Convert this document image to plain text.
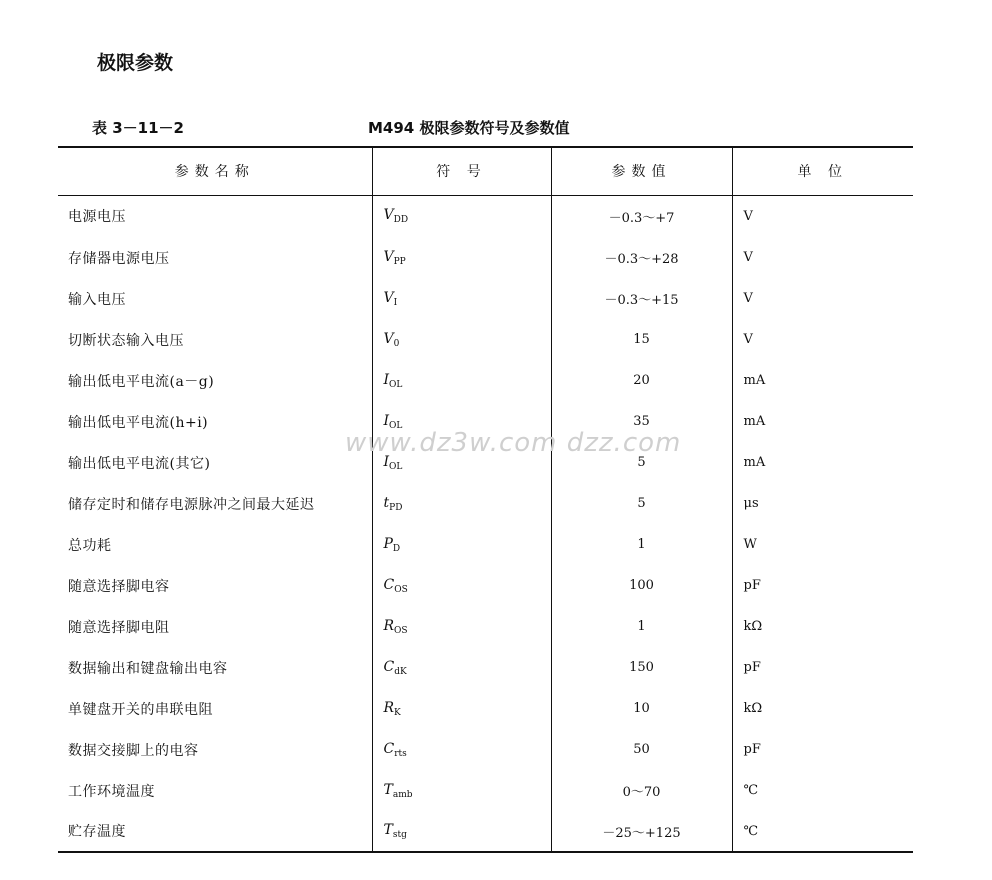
极限参数
表 3－11－2	M494 极限参数符号及参数值
参数名称	符 号	参数值	单 位
电源电压	$V_{DD}$	－0.3～+7	V
存储器电源电压	$V_{PP}$	－0.3～+28	V
输入电压	$V_I$	－0.3～+15	V
切断状态输入电压	$V_0$	15	V
输出低电平电流(a－g)	$I_{OL}$	20	mA
输出低电平电流(h+i)	$I_{OL}$	35	mA
输出低电平电流(其它)	$I_{OL}$	5	mA
储存定时和储存电源脉冲之间最大延迟	$t_{PD}$	5	μs
总功耗	$P_D$	1	W
随意选择脚电容	$C_{OS}$	100	pF
随意选择脚电阻	$R_{OS}$	1	kΩ
数据输出和键盘输出电容	$C_{dK}$	150	pF
单键盘开关的串联电阻	$R_K$	10	kΩ
数据交接脚上的电容	$C_{rts}$	50	pF
工作环境温度	$T_{amb}$	0～70	℃
贮存温度	$T_{stg}$	－25～+125	℃
www.dz3w.com dzz.com
